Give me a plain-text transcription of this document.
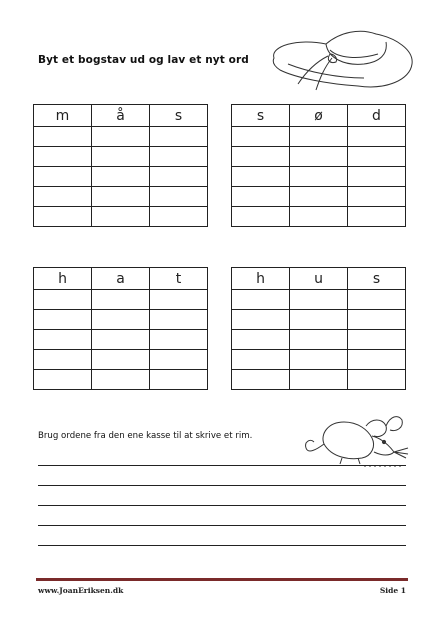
Byt et bogstav ud og lav et nyt ord
m	å	s

			s	ø	d

h	a	t

			h	u	s

Brug ordene fra den ene kasse til at skrive et rim.
www.JoanEriksen.dk	Side 1
